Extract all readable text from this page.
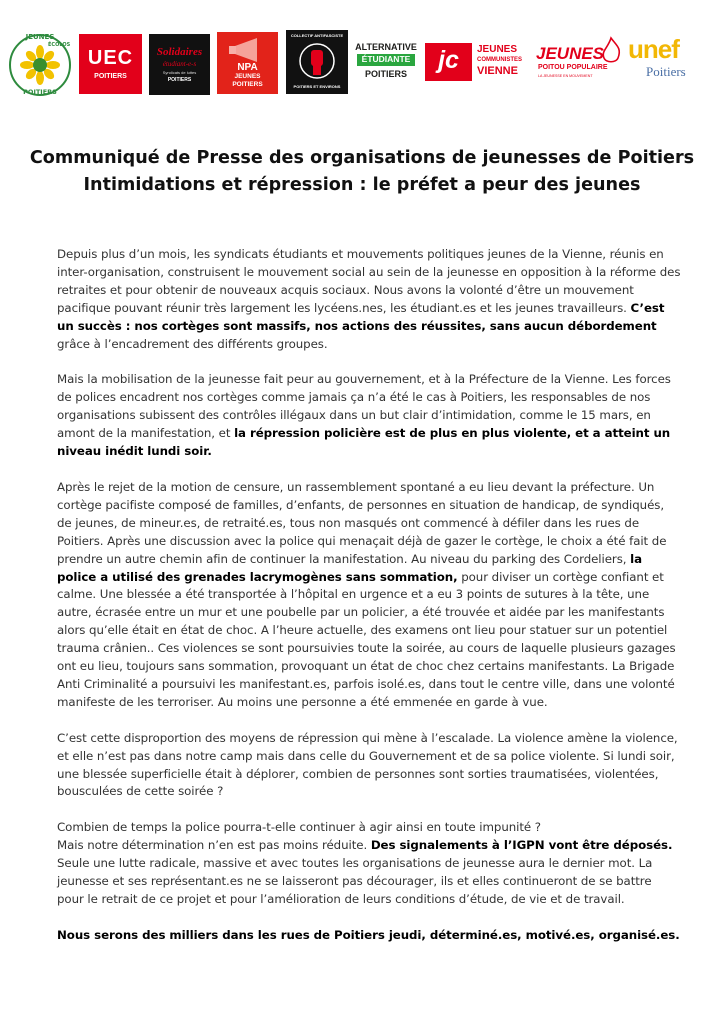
JEUNES
ÉCOLOS
POITIERS
UEC
POITIERS
Solidaires
étudiant-e-s
Syndicats de luttes
POITIERS
NPA
JEUNES
POITIERS
COLLECTIF ANTIFASCISTE
POITIERS ET ENVIRONS
ALTERNATIVE
ÉTUDIANTE
POITIERS	jc	JEUNES
COMMUNISTES
VIENNE
JEUNES
POITOU POPULAIRE
LA JEUNESSE EN MOUVEMENT
unef
Poitiers
Communiqué de Presse des organisations de jeunesses de Poitiers
Intimidations et répression : le préfet a peur des jeunes

Depuis plus d’un mois, les syndicats étudiants et mouvements politiques jeunes de la Vienne, réunis en inter-organisation, construisent le mouvement social au sein de la jeunesse en opposition à la réforme des retraites et pour obtenir de nouveaux acquis sociaux. Nous avons la volonté d’être un mouvement pacifique pouvant réunir très largement les lycéens.nes, les étudiant.es et les jeunes travailleurs. C’est un succès : nos cortèges sont massifs, nos actions des réussites, sans aucun débordement grâce à l’encadrement des différents groupes.

Mais la mobilisation de la jeunesse fait peur au gouvernement, et à la Préfecture de la Vienne. Les forces de polices encadrent nos cortèges comme jamais ça n’a été le cas à Poitiers, les responsables de nos organisations subissent des contrôles illégaux dans un but clair d’intimidation, comme le 15 mars, en amont de la manifestation, et la répression policière est de plus en plus violente, et a atteint un niveau inédit lundi soir.

Après le rejet de la motion de censure, un rassemblement spontané a eu lieu devant la préfecture. Un cortège pacifiste composé de familles, d’enfants, de personnes en situation de handicap, de syndiqués, de jeunes, de mineur.es, de retraité.es, tous non masqués ont commencé à défiler dans les rues de Poitiers. Après une discussion avec la police qui menaçait déjà de gazer le cortège, le choix a été fait de prendre un autre chemin afin de continuer la manifestation. Au niveau du parking des Cordeliers, la police a utilisé des grenades lacrymogènes sans sommation, pour diviser un cortège confiant et calme. Une blessée a été transportée à l’hôpital en urgence et a eu 3 points de sutures à la tête, une autre, écrasée entre un mur et une poubelle par un policier, a été trouvée et aidée par les manifestants alors qu’elle était en état de choc. A l’heure actuelle, des examens ont lieu pour statuer sur un potentiel trauma crânien.. Ces violences se sont poursuivies toute la soirée, au cours de laquelle plusieurs gazages ont eu lieu, toujours sans sommation, provoquant un état de choc chez certains manifestants. La Brigade Anti Criminalité a poursuivi les manifestant.es, parfois isolé.es, dans tout le centre ville, dans une volonté manifeste de les terroriser. Au moins une personne a été emmenée en garde à vue.

C’est cette disproportion des moyens de répression qui mène à l’escalade. La violence amène la violence, et elle n’est pas dans notre camp mais dans celle du Gouvernement et de sa police violente. Si lundi soir, une blessée superficielle était à déplorer, combien de personnes sont sorties traumatisées, violentées, bousculées de cette soirée ?

Combien de temps la police pourra-t-elle continuer à agir ainsi en toute impunité ?
Mais notre détermination n’en est pas moins réduite. Des signalements à l’IGPN vont être déposés.
Seule une lutte radicale, massive et avec toutes les organisations de jeunesse aura le dernier mot. La jeunesse et ses représentant.es ne se laisseront pas décourager, ils et elles continueront de se battre pour le retrait de ce projet et pour l’amélioration de leurs conditions d’étude, de vie et de travail.

Nous serons des milliers dans les rues de Poitiers jeudi, déterminé.es, motivé.es, organisé.es.
